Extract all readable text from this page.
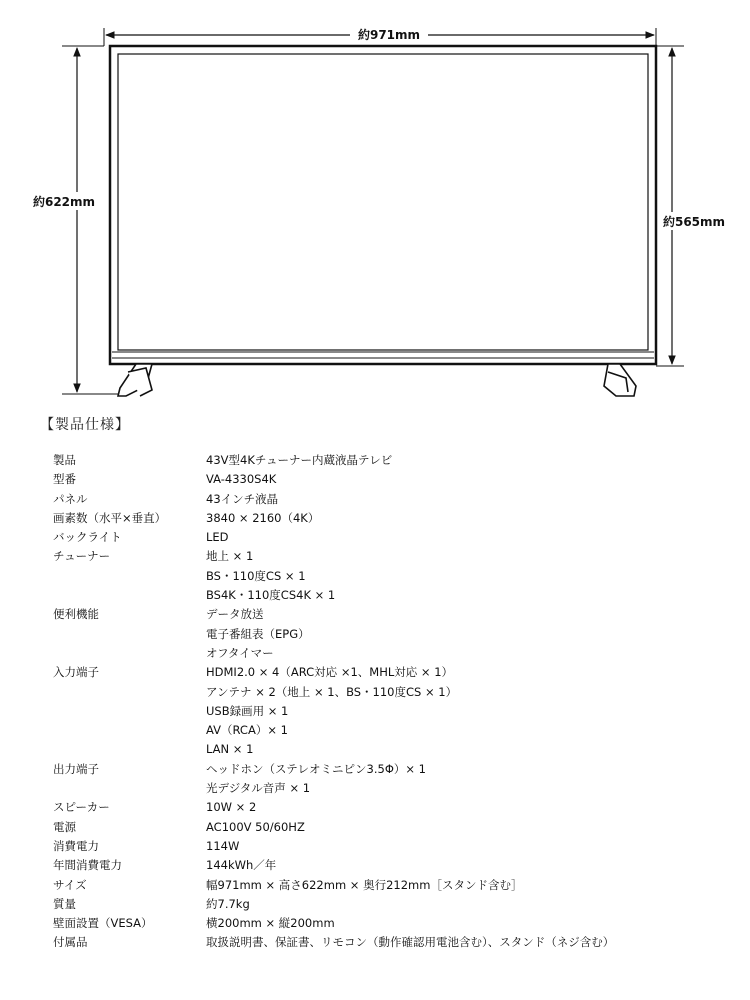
約971mm
約622mm
約565mm
【製品仕様】
製品	43V型4Kチューナー内蔵液晶テレビ
型番	VA-4330S4K
パネル	43インチ液晶
画素数（水平×垂直）	3840 × 2160（4K）
バックライト	LED
チューナー	地上 × 1
	BS・110度CS × 1
	BS4K・110度CS4K × 1
便利機能	データ放送
	電子番組表（EPG）
	オフタイマー
入力端子	HDMI2.0 × 4（ARC対応 ×1、MHL対応 × 1）
	アンテナ × 2（地上 × 1、BS・110度CS × 1）
	USB録画用 × 1
	AV（RCA）× 1
	LAN × 1
出力端子	ヘッドホン（ステレオミニピン3.5Φ）× 1
	光デジタル音声 × 1
スピーカー	10W × 2
電源	AC100V 50/60HZ
消費電力	114W
年間消費電力	144kWh／年
サイズ	幅971mm × 高さ622mm × 奥行212mm［スタンド含む］
質量	約7.7kg
壁面設置（VESA）	横200mm × 縦200mm
付属品	取扱説明書、保証書、リモコン（動作確認用電池含む）、スタンド（ネジ含む）
